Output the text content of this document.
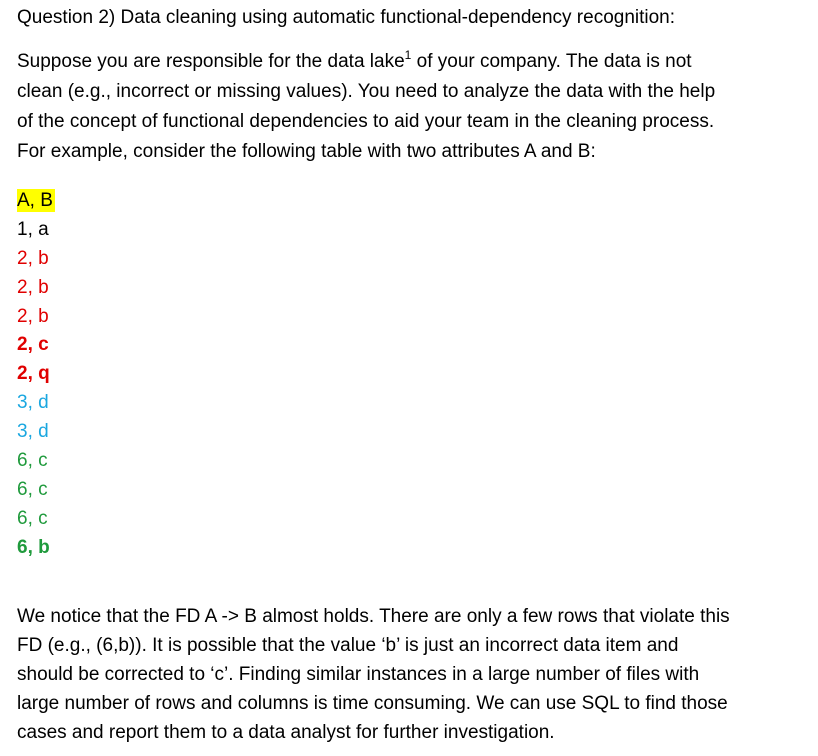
Question 2) Data cleaning using automatic functional-dependency recognition:

Suppose you are responsible for the data lake$^1$ of your company. The data is not
clean (e.g., incorrect or missing values). You need to analyze the data with the help
of the concept of functional dependencies to aid your team in the cleaning process.
For example, consider the following table with two attributes A and B:
A, B
1, a
2, b
2, b
2, b
2, c
2, q
3, d
3, d
6, c
6, c
6, c
6, b
We notice that the FD A -> B almost holds. There are only a few rows that violate this
FD (e.g., (6,b)). It is possible that the value ‘b’ is just an incorrect data item and
should be corrected to ‘c’. Finding similar instances in a large number of files with
large number of rows and columns is time consuming. We can use SQL to find those
cases and report them to a data analyst for further investigation.
